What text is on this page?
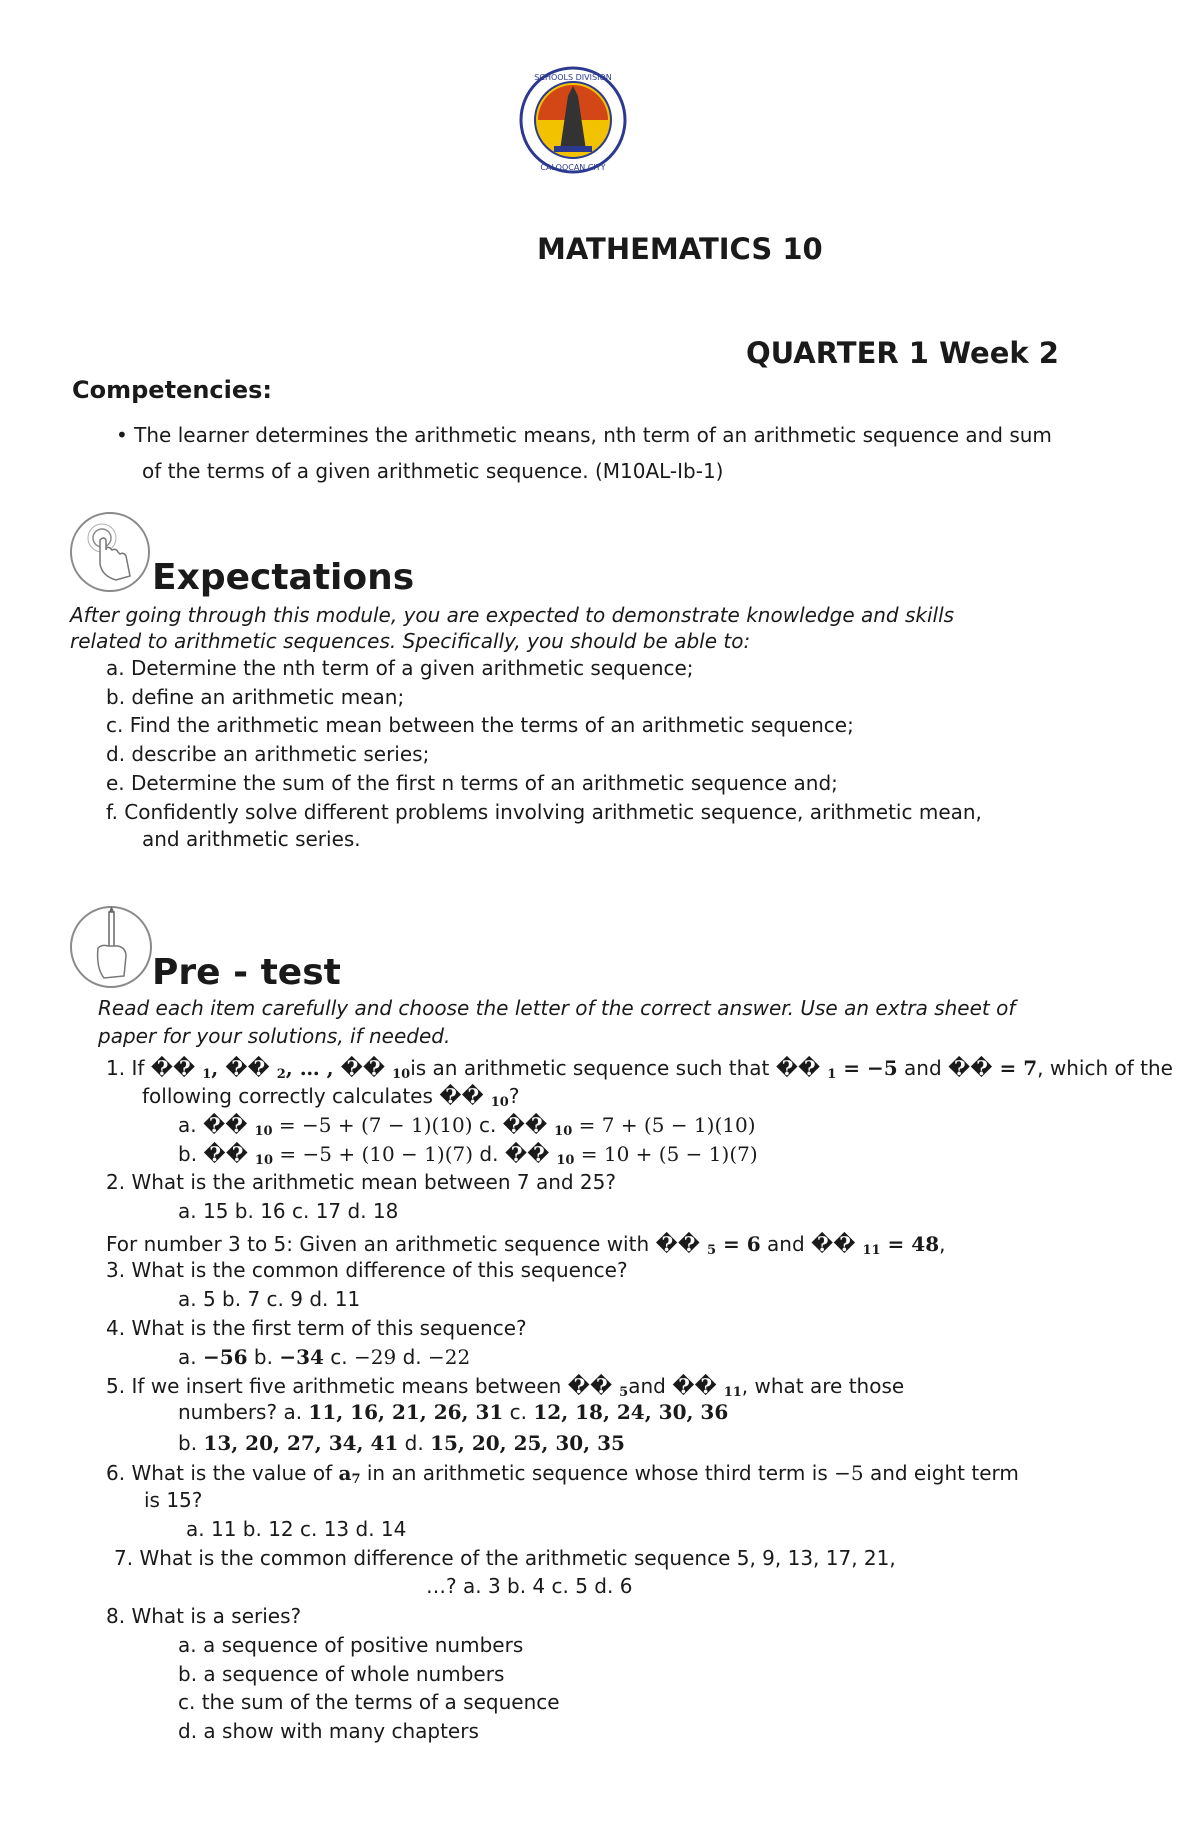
SCHOOLS DIVISION
CALOOCAN CITY
MATHEMATICS 10
QUARTER 1 Week 2
Competencies:
• The learner determines the arithmetic means, nth term of an arithmetic sequence and sum
of the terms of a given arithmetic sequence. (M10AL-Ib-1)
Expectations
After going through this module, you are expected to demonstrate knowledge and skills
related to arithmetic sequences. Specifically, you should be able to:
a. Determine the nth term of a given arithmetic sequence;
b. define an arithmetic mean;
c. Find the arithmetic mean between the terms of an arithmetic sequence;
d. describe an arithmetic series;
e. Determine the sum of the first n terms of an arithmetic sequence and;
f. Confidently solve different problems involving arithmetic sequence, arithmetic mean,
and arithmetic series.
Pre - test
Read each item carefully and choose the letter of the correct answer. Use an extra sheet of
paper for your solutions, if needed.
1. If �� $_1$, �� $_2$, … , �� $_{10}$is an arithmetic sequence such that �� $_1$ = −5 and �� = 7, which of the
following correctly calculates �� $_{10}$?
a. �� $_{10}$ = −5 + (7 − 1)(10) c. �� $_{10}$ = 7 + (5 − 1)(10)
b. �� $_{10}$ = −5 + (10 − 1)(7) d. �� $_{10}$ = 10 + (5 − 1)(7)
2. What is the arithmetic mean between 7 and 25?
a. 15 b. 16 c. 17 d. 18
For number 3 to 5: Given an arithmetic sequence with �� $_5$ = 6 and �� $_{11}$ = 48,
3. What is the common difference of this sequence?
a. 5 b. 7 c. 9 d. 11
4. What is the first term of this sequence?
a. −56 b. −34 c. −29 d. −22
5. If we insert five arithmetic means between �� $_5$and �� $_{11}$, what are those
numbers? a. 11, 16, 21, 26, 31 c. 12, 18, 24, 30, 36
b. 13, 20, 27, 34, 41 d. 15, 20, 25, 30, 35
6. What is the value of $a_7$ in an arithmetic sequence whose third term is −5 and eight term
is 15?
a. 11 b. 12 c. 13 d. 14
7. What is the common difference of the arithmetic sequence 5, 9, 13, 17, 21,
…? a. 3 b. 4 c. 5 d. 6
8. What is a series?
a. a sequence of positive numbers
b. a sequence of whole numbers
c. the sum of the terms of a sequence
d. a show with many chapters
